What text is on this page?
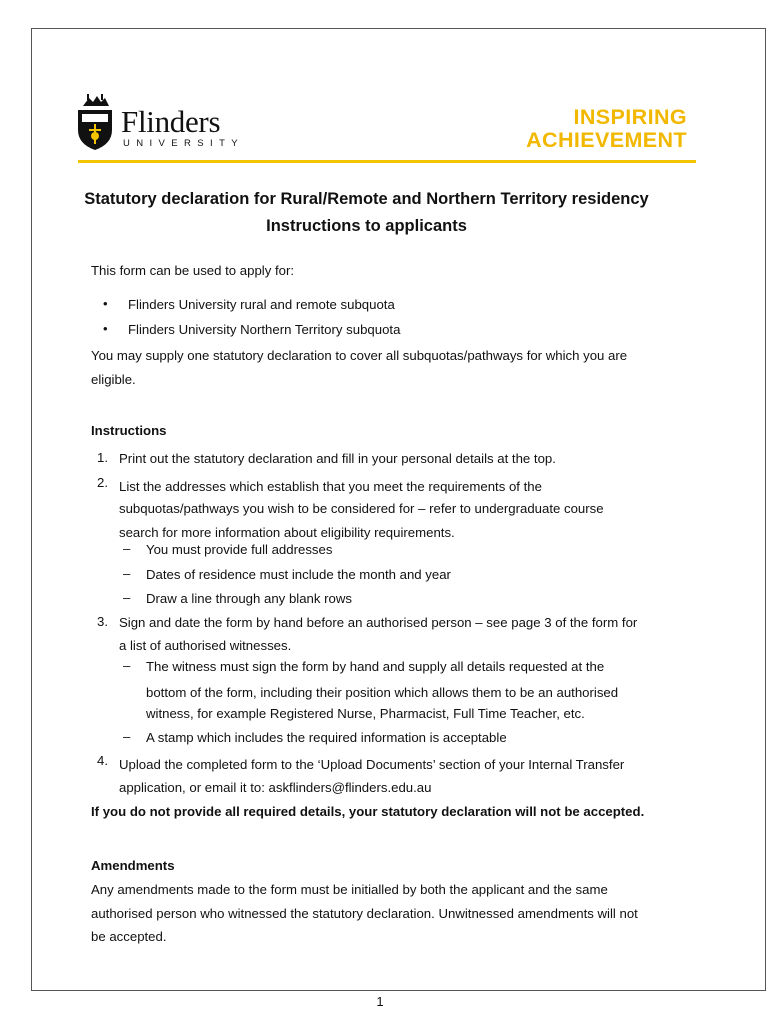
Flinders
UNIVERSITY
INSPIRING
ACHIEVEMENT
Statutory declaration for Rural/Remote and Northern Territory residency
Instructions to applicants
This form can be used to apply for:
• Flinders University rural and remote subquota
• Flinders University Northern Territory subquota
You may supply one statutory declaration to cover all subquotas/pathways for which you are
eligible.
Instructions
1. Print out the statutory declaration and fill in your personal details at the top.
2. List the addresses which establish that you meet the requirements of the
subquotas/pathways you wish to be considered for – refer to undergraduate course
search for more information about eligibility requirements.
– You must provide full addresses
– Dates of residence must include the month and year
– Draw a line through any blank rows
3. Sign and date the form by hand before an authorised person – see page 3 of the form for
a list of authorised witnesses.
– The witness must sign the form by hand and supply all details requested at the
bottom of the form, including their position which allows them to be an authorised
witness, for example Registered Nurse, Pharmacist, Full Time Teacher, etc.
– A stamp which includes the required information is acceptable
4. Upload the completed form to the ‘Upload Documents’ section of your Internal Transfer
application, or email it to: askflinders@flinders.edu.au
If you do not provide all required details, your statutory declaration will not be accepted.
Amendments
Any amendments made to the form must be initialled by both the applicant and the same
authorised person who witnessed the statutory declaration. Unwitnessed amendments will not
be accepted.
1
